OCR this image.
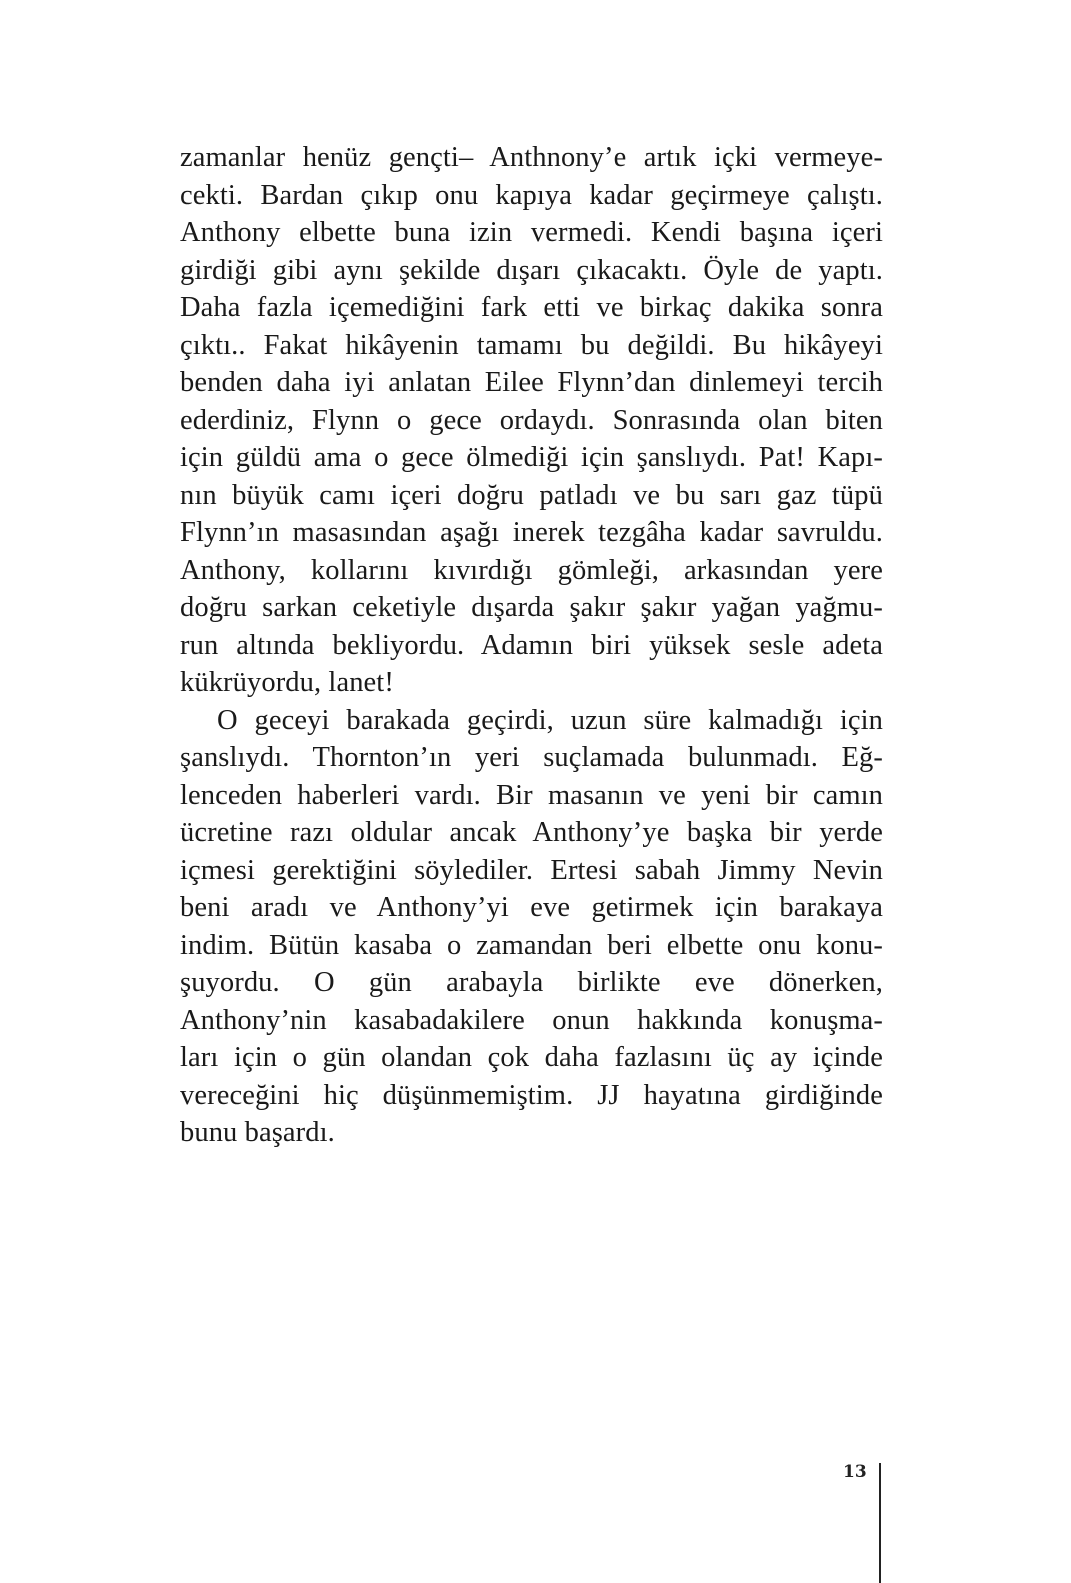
zamanlar henüz gençti– Anthnony’e artık içki vermeye-
cekti. Bardan çıkıp onu kapıya kadar geçirmeye çalıştı.
Anthony elbette buna izin vermedi. Kendi başına içeri
girdiği gibi aynı şekilde dışarı çıkacaktı. Öyle de yaptı.
Daha fazla içemediğini fark etti ve birkaç dakika sonra
çıktı.. Fakat hikâyenin tamamı bu değildi. Bu hikâyeyi
benden daha iyi anlatan Eilee Flynn’dan dinlemeyi tercih
ederdiniz, Flynn o gece ordaydı. Sonrasında olan biten
için güldü ama o gece ölmediği için şanslıydı. Pat! Kapı-
nın büyük camı içeri doğru patladı ve bu sarı gaz tüpü
Flynn’ın masasından aşağı inerek tezgâha kadar savruldu.
Anthony, kollarını kıvırdığı gömleği, arkasından yere
doğru sarkan ceketiyle dışarda şakır şakır yağan yağmu-
run altında bekliyordu. Adamın biri yüksek sesle adeta
kükrüyordu, lanet!
O geceyi barakada geçirdi, uzun süre kalmadığı için
şanslıydı. Thornton’ın yeri suçlamada bulunmadı. Eğ-
lenceden haberleri vardı. Bir masanın ve yeni bir camın
ücretine razı oldular ancak Anthony’ye başka bir yerde
içmesi gerektiğini söylediler. Ertesi sabah Jimmy Nevin
beni aradı ve Anthony’yi eve getirmek için barakaya
indim. Bütün kasaba o zamandan beri elbette onu konu-
şuyordu. O gün arabayla birlikte eve dönerken,
Anthony’nin kasabadakilere onun hakkında konuşma-
ları için o gün olandan çok daha fazlasını üç ay içinde
vereceğini hiç düşünmemiştim. JJ hayatına girdiğinde
bunu başardı.
13
